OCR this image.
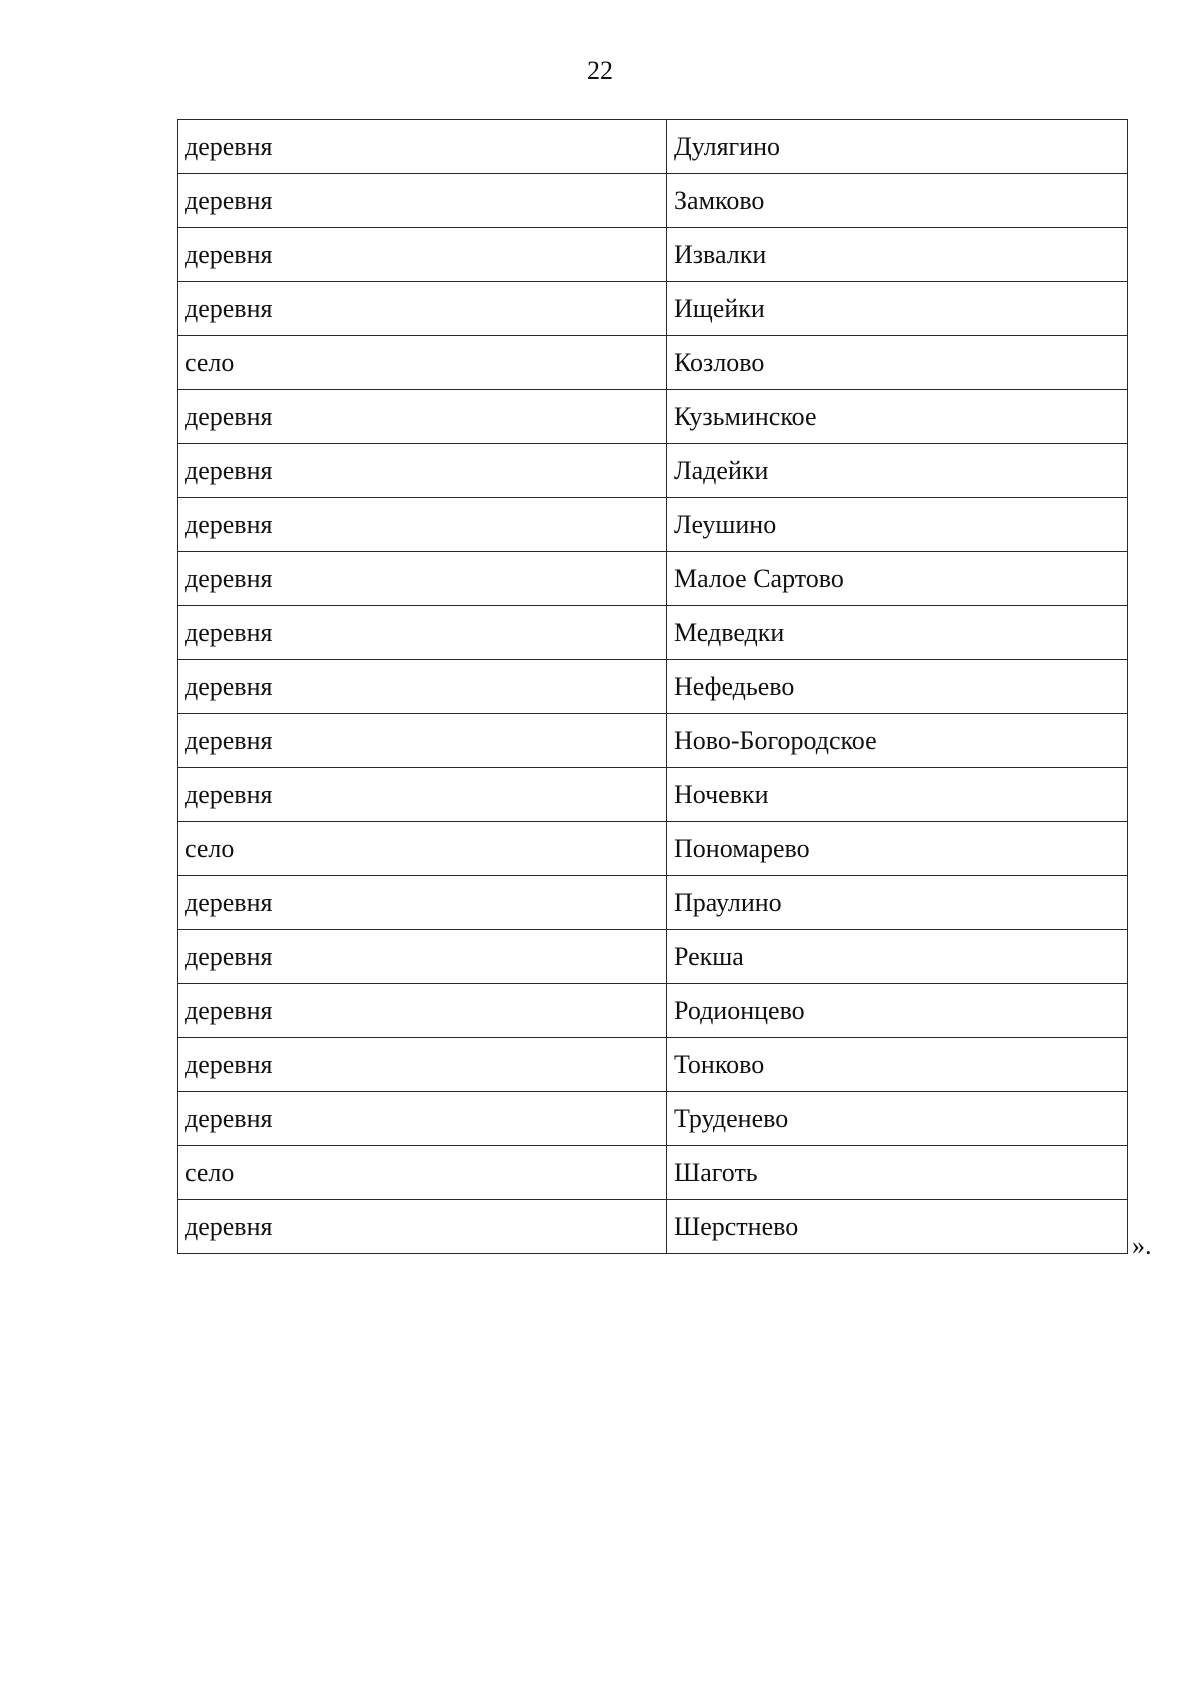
22
деревня	Дулягино
деревня	Замково
деревня	Извалки
деревня	Ищейки
село	Козлово
деревня	Кузьминское
деревня	Ладейки
деревня	Леушино
деревня	Малое Сартово
деревня	Медведки
деревня	Нефедьево
деревня	Ново-Богородское
деревня	Ночевки
село	Пономарево
деревня	Праулино
деревня	Рекша
деревня	Родионцево
деревня	Тонково
деревня	Труденево
село	Шаготь
деревня	Шерстнево
».
